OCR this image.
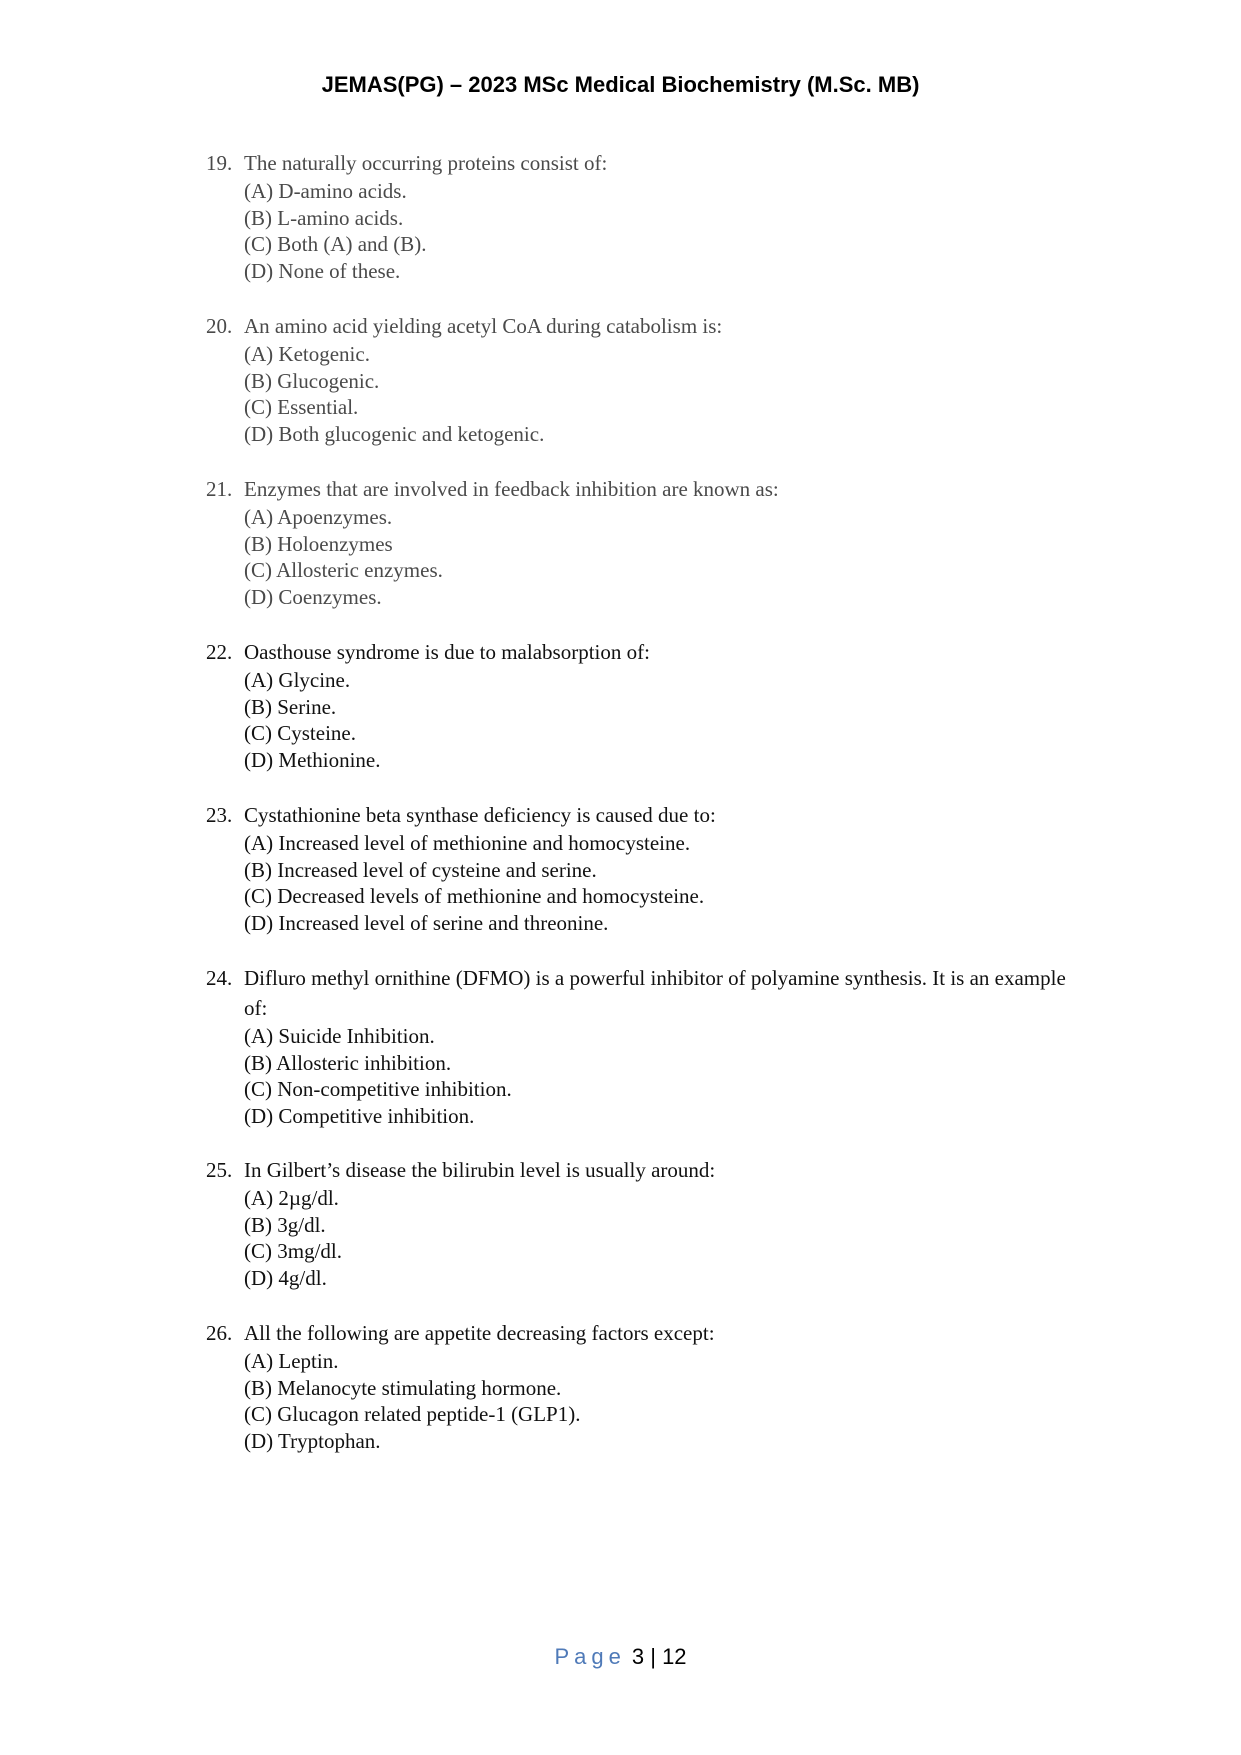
JEMAS(PG) – 2023 MSc Medical Biochemistry (M.Sc. MB)
19. The naturally occurring proteins consist of:
(A) D-amino acids.
(B) L-amino acids.
(C) Both (A) and (B).
(D) None of these.
20. An amino acid yielding acetyl CoA during catabolism is:
(A) Ketogenic.
(B) Glucogenic.
(C) Essential.
(D) Both glucogenic and ketogenic.
21. Enzymes that are involved in feedback inhibition are known as:
(A) Apoenzymes.
(B) Holoenzymes
(C) Allosteric enzymes.
(D) Coenzymes.
22. Oasthouse syndrome is due to malabsorption of:
(A) Glycine.
(B) Serine.
(C) Cysteine.
(D) Methionine.
23. Cystathionine beta synthase deficiency is caused due to:
(A) Increased level of methionine and homocysteine.
(B) Increased level of cysteine and serine.
(C) Decreased levels of methionine and homocysteine.
(D) Increased level of serine and threonine.
24. Difluro methyl ornithine (DFMO) is a powerful inhibitor of polyamine synthesis. It is an example of:
(A) Suicide Inhibition.
(B) Allosteric inhibition.
(C) Non-competitive inhibition.
(D) Competitive inhibition.
25. In Gilbert’s disease the bilirubin level is usually around:
(A) 2µg/dl.
(B) 3g/dl.
(C) 3mg/dl.
(D) 4g/dl.
26. All the following are appetite decreasing factors except:
(A) Leptin.
(B) Melanocyte stimulating hormone.
(C) Glucagon related peptide-1 (GLP1).
(D) Tryptophan.
Page 3 | 12
